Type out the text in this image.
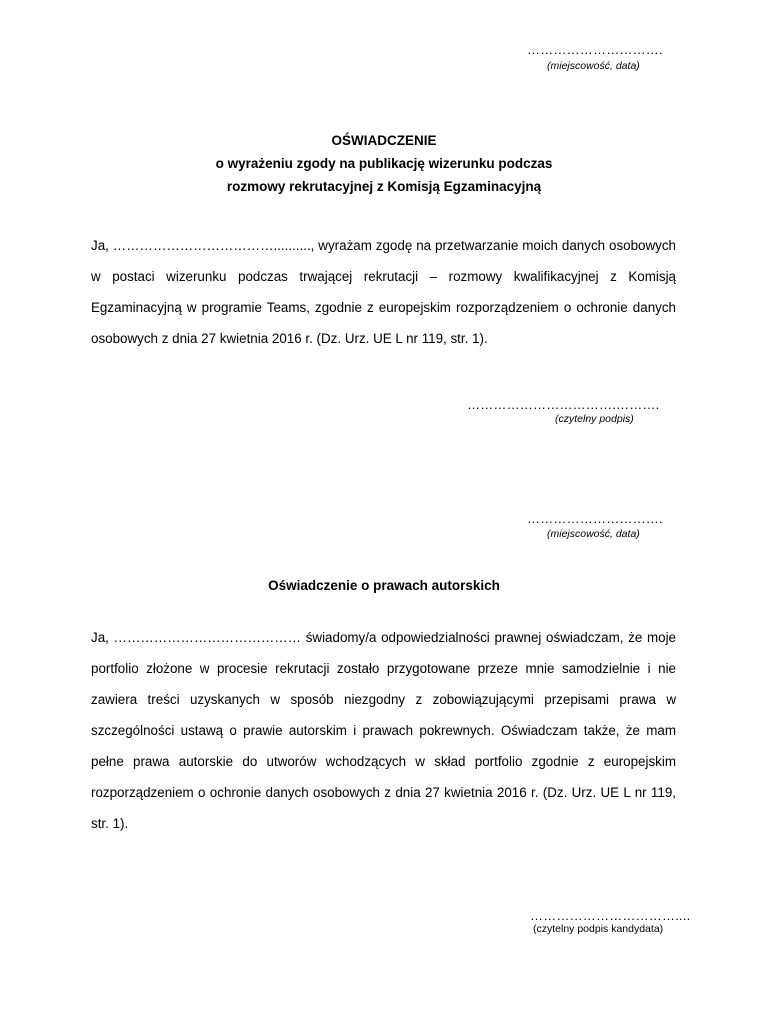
………………………….
(miejscowość, data)
OŚWIADCZENIE
o wyrażeniu zgody na publikację wizerunku podczas
rozmowy rekrutacyjnej z Komisją Egzaminacyjną
Ja, ……………………………….........., wyrażam zgodę na przetwarzanie moich danych osobowych w postaci wizerunku podczas trwającej rekrutacji – rozmowy kwalifikacyjnej z Komisją Egzaminacyjną w programie Teams, zgodnie z europejskim rozporządzeniem o ochronie danych osobowych z dnia 27 kwietnia 2016 r. (Dz. Urz. UE L nr 119, str. 1).
…………………………….……….
(czytelny podpis)
………………………….
(miejscowość, data)
Oświadczenie o prawach autorskich
Ja, …………………………………… świadomy/a odpowiedzialności prawnej oświadczam, że moje portfolio złożone w procesie rekrutacji zostało przygotowane przeze mnie samodzielnie i nie zawiera treści uzyskanych w sposób niezgodny z zobowiązującymi przepisami prawa w szczególności ustawą o prawie autorskim i prawach pokrewnych. Oświadczam także, że mam pełne prawa autorskie do utworów wchodzących w skład portfolio zgodnie z europejskim rozporządzeniem o ochronie danych osobowych z dnia 27 kwietnia 2016 r. (Dz. Urz. UE L nr 119, str. 1).
……………………………....
(czytelny podpis kandydata)
